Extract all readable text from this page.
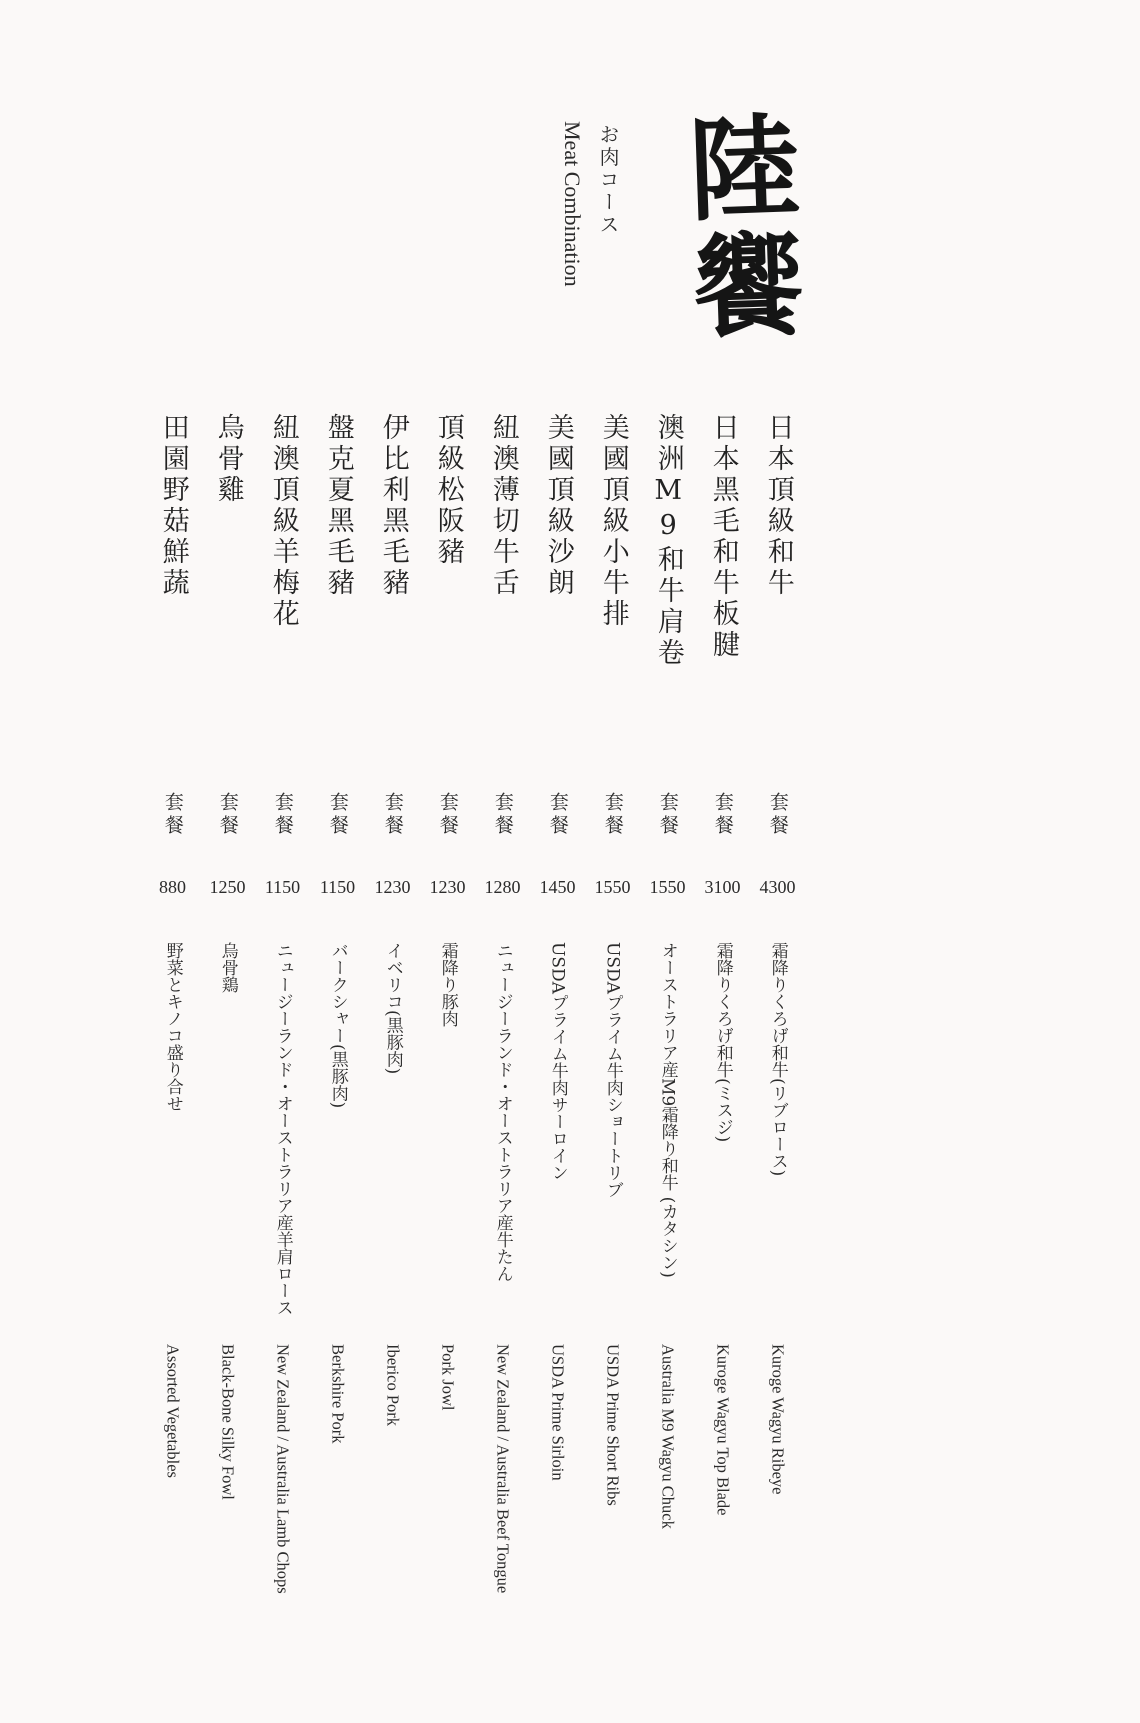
陸饗
お肉コース
Meat Combination
日本頂級和牛
套餐
4300
霜降りくろげ和牛(リブロース)
Kuroge Wagyu Ribeye
日本黑毛和牛板腱
套餐
3100
霜降りくろげ和牛(ミスジ)
Kuroge Wagyu Top Blade
澳洲M9和牛肩卷
套餐
1550
オーストラリア産M9霜降り和牛 (カタシン)
Australia M9 Wagyu Chuck
美國頂級小牛排
套餐
1550
USDAプライム牛肉ショートリブ
USDA Prime Short Ribs
美國頂級沙朗
套餐
1450
USDAプライム牛肉サーロイン
USDA Prime Sirloin
紐澳薄切牛舌
套餐
1280
ニュージーランド・オーストラリア産牛たん
New Zealand / Australia Beef Tongue
頂級松阪豬
套餐
1230
霜降り豚肉
Pork Jowl
伊比利黑毛豬
套餐
1230
イベリコ(黒豚肉)
Iberico Pork
盤克夏黑毛豬
套餐
1150
バークシャー(黒豚肉)
Berkshire Pork
紐澳頂級羊梅花
套餐
1150
ニュージーランド・オーストラリア産羊肩ロース
New Zealand / Australia Lamb Chops
烏骨雞
套餐
1250
烏骨鶏
Black-Bone Silky Fowl
田園野菇鮮蔬
套餐
880
野菜とキノコ盛り合せ
Assorted Vegetables
